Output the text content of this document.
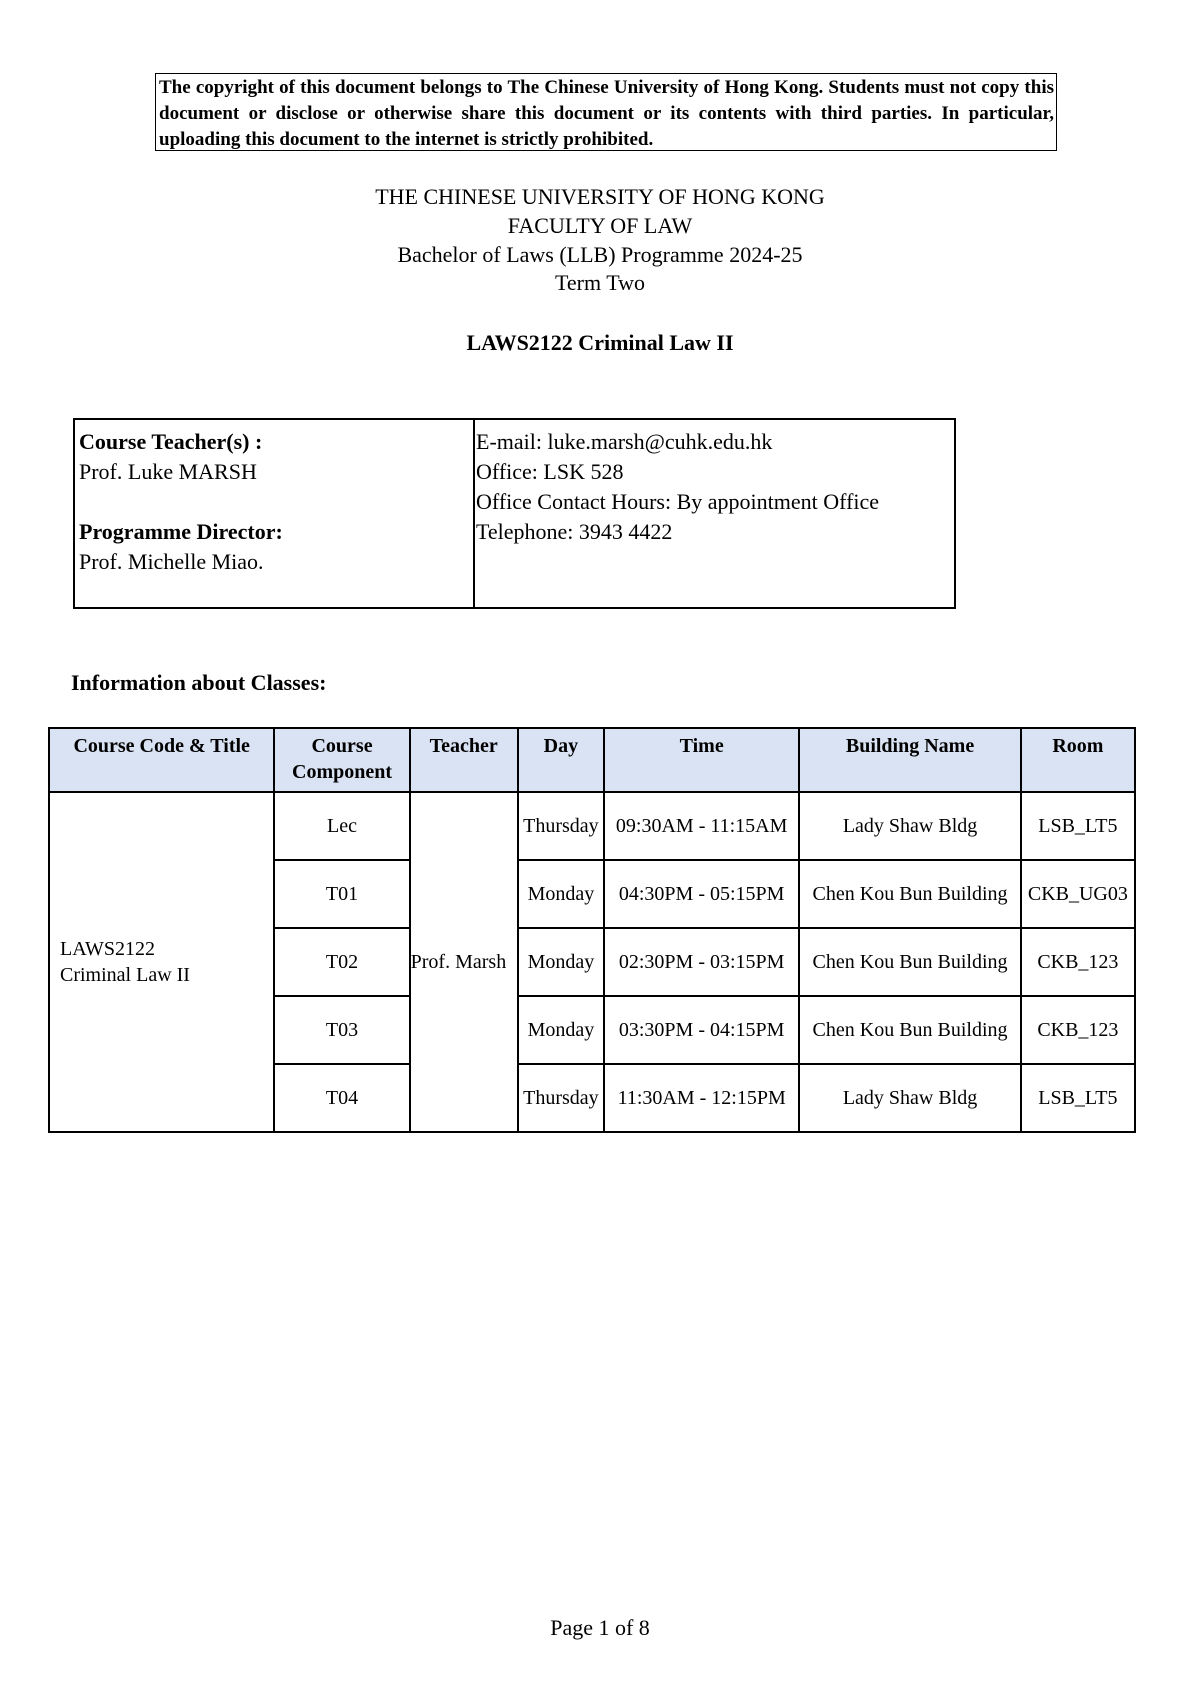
The copyright of this document belongs to The Chinese University of Hong Kong. Students must not copy this document or disclose or otherwise share this document or its contents with third parties. In particular, uploading this document to the internet is strictly prohibited.
THE CHINESE UNIVERSITY OF HONG KONG
FACULTY OF LAW
Bachelor of Laws (LLB) Programme 2024-25
Term Two
LAWS2122 Criminal Law II
Course Teacher(s) :
Prof. Luke MARSH
Programme Director:
Prof. Michelle Miao.
E-mail: luke.marsh@cuhk.edu.hk
Office: LSK 528
Office Contact Hours: By appointment Office
Telephone: 3943 4422
Information about Classes:
Course Code & Title	Course Component	Teacher	Day	Time	Building Name	Room

LAWS2122
Criminal Law II	Lec	Prof. Marsh	Thursday	09:30AM - 11:15AM	Lady Shaw Bldg	LSB_LT5
	T01		Monday	04:30PM - 05:15PM	Chen Kou Bun Building	CKB_UG03
	T02		Monday	02:30PM - 03:15PM	Chen Kou Bun Building	CKB_123
	T03		Monday	03:30PM - 04:15PM	Chen Kou Bun Building	CKB_123
	T04		Thursday	11:30AM - 12:15PM	Lady Shaw Bldg	LSB_LT5
Page 1 of 8
